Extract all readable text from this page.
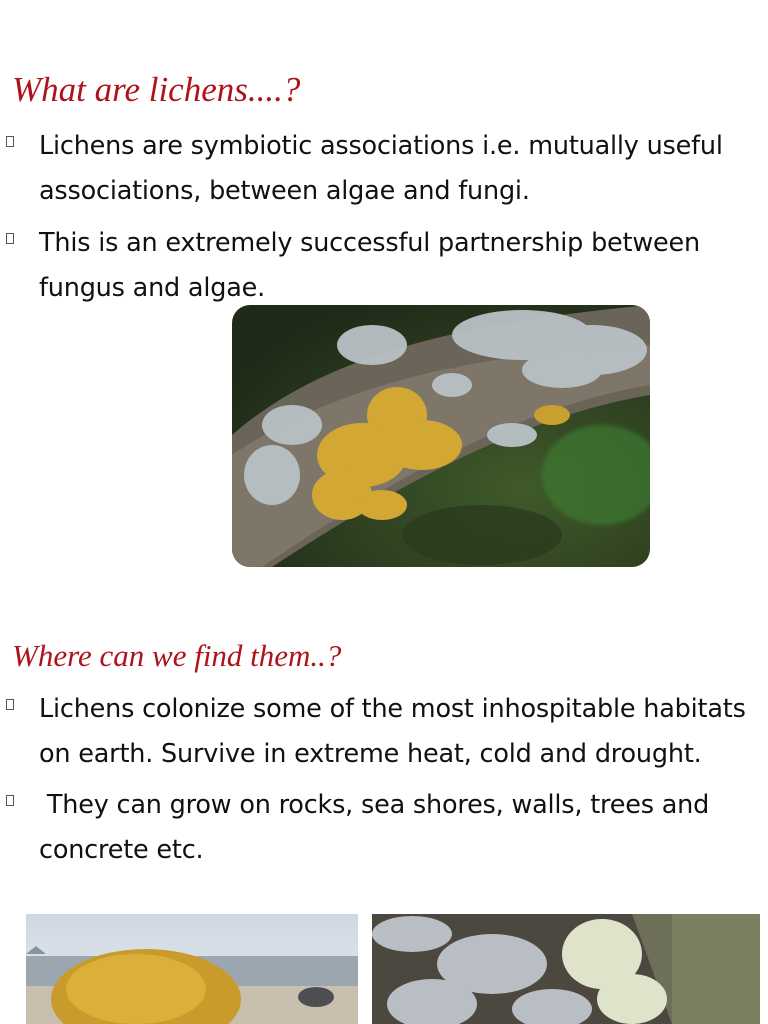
What are lichens....?
Lichens are symbiotic associations i.e. mutually useful associations, between algae and fungi.
This is an extremely successful partnership between fungus and algae.
Where can we find them..?
Lichens colonize some of the most inhospitable habitats on earth. Survive in extreme heat, cold and drought.
They can grow on rocks, sea shores, walls, trees and concrete etc.
